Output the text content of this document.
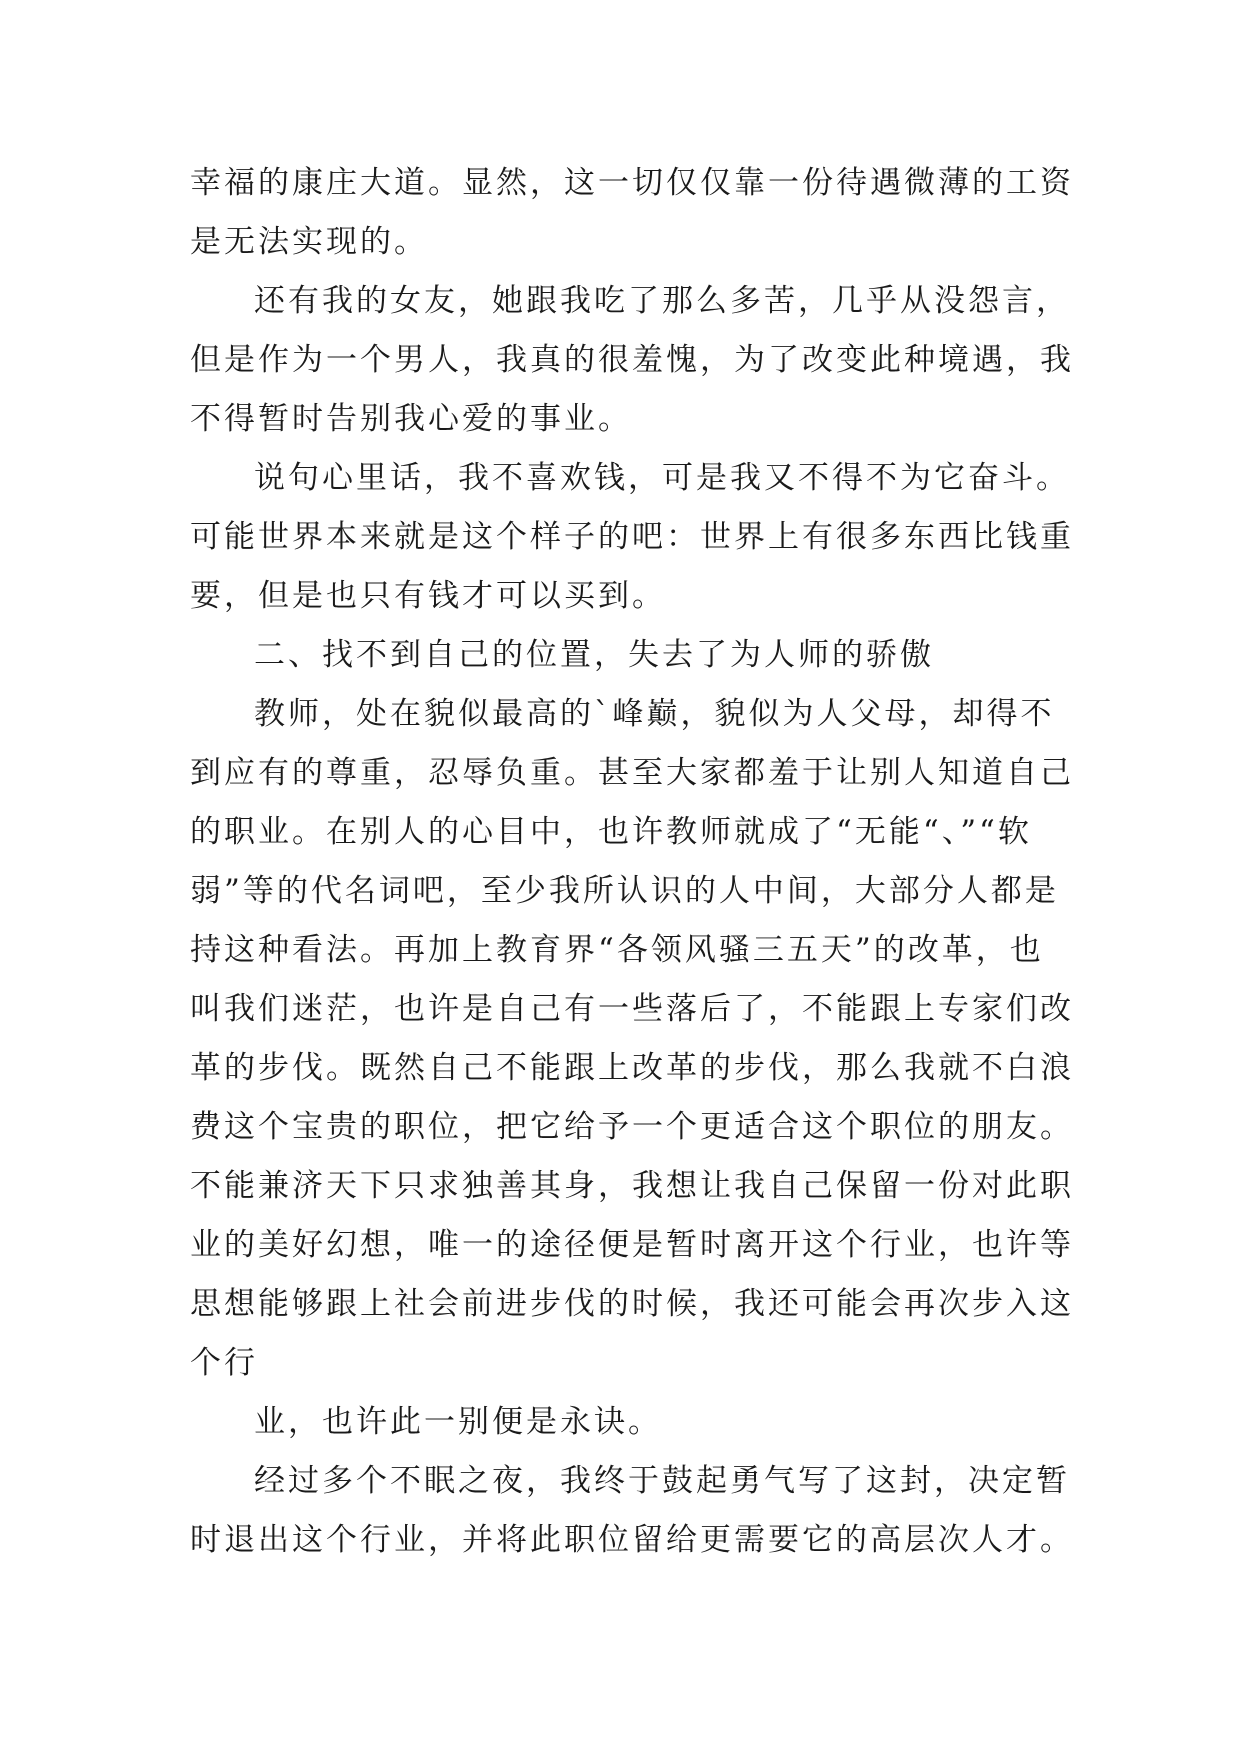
幸福的康庄大道。显然，这一切仅仅靠一份待遇微薄的工资
是无法实现的。
还有我的女友，她跟我吃了那么多苦，几乎从没怨言，
但是作为一个男人，我真的很羞愧，为了改变此种境遇，我
不得暂时告别我心爱的事业。
说句心里话，我不喜欢钱，可是我又不得不为它奋斗。
可能世界本来就是这个样子的吧：世界上有很多东西比钱重
要，但是也只有钱才可以买到。
二、找不到自己的位置，失去了为人师的骄傲
教师，处在貌似最高的`峰巅，貌似为人父母，却得不
到应有的尊重，忍辱负重。甚至大家都羞于让别人知道自己
的职业。在别人的心目中，也许教师就成了“无能“、”“软
弱”等的代名词吧，至少我所认识的人中间，大部分人都是
持这种看法。再加上教育界“各领风骚三五天”的改革，也
叫我们迷茫，也许是自己有一些落后了，不能跟上专家们改
革的步伐。既然自己不能跟上改革的步伐，那么我就不白浪
费这个宝贵的职位，把它给予一个更适合这个职位的朋友。
不能兼济天下只求独善其身，我想让我自己保留一份对此职
业的美好幻想，唯一的途径便是暂时离开这个行业，也许等
思想能够跟上社会前进步伐的时候，我还可能会再次步入这
个行
业，也许此一别便是永诀。
经过多个不眠之夜，我终于鼓起勇气写了这封，决定暂
时退出这个行业，并将此职位留给更需要它的高层次人才。
